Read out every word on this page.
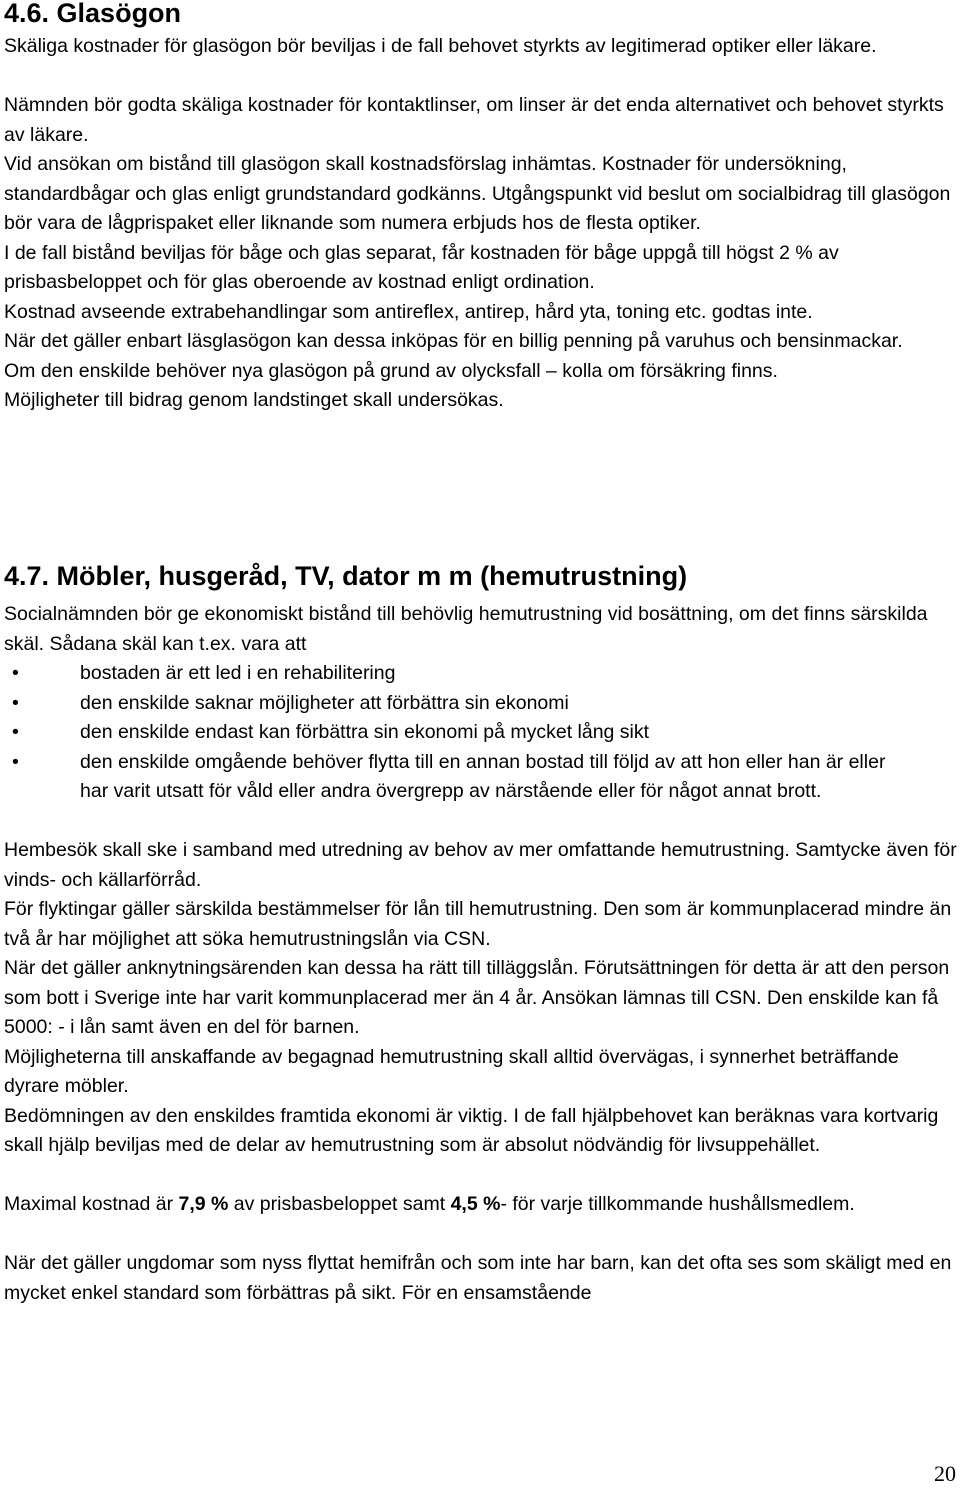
4.6. Glasögon

Skäliga kostnader för glasögon bör beviljas i de fall behovet styrkts av legitimerad optiker eller läkare.

Nämnden bör godta skäliga kostnader för kontaktlinser, om linser är det enda alternativet och behovet styrkts av läkare.

Vid ansökan om bistånd till glasögon skall kostnadsförslag inhämtas. Kostnader för undersökning, standardbågar och glas enligt grundstandard godkänns. Utgångspunkt vid beslut om socialbidrag till glasögon bör vara de lågprispaket eller liknande som numera erbjuds hos de flesta optiker.

I de fall bistånd beviljas för båge och glas separat, får kostnaden för båge uppgå till högst 2 % av prisbasbeloppet och för glas oberoende av kostnad enligt ordination.

Kostnad avseende extrabehandlingar som antireflex, antirep, hård yta, toning etc. godtas inte.

När det gäller enbart läsglasögon kan dessa inköpas för en billig penning på varuhus och bensinmackar.

Om den enskilde behöver nya glasögon på grund av olycksfall – kolla om försäkring finns.

Möjligheter till bidrag genom landstinget skall undersökas.

4.7. Möbler, husgeråd, TV, dator m m (hemutrustning)

Socialnämnden bör ge ekonomiskt bistånd till behövlig hemutrustning vid bosättning, om det finns särskilda skäl. Sådana skäl kan t.ex. vara att

•	bostaden är ett led i en rehabilitering
•	den enskilde saknar möjligheter att förbättra sin ekonomi
•	den enskilde endast kan förbättra sin ekonomi på mycket lång sikt
•	den enskilde omgående behöver flytta till en annan bostad till följd av att hon eller han är eller har varit utsatt för våld eller andra övergrepp av närstående eller för något annat brott.

Hembesök skall ske i samband med utredning av behov av mer omfattande hemutrustning. Samtycke även för vinds- och källarförråd.

För flyktingar gäller särskilda bestämmelser för lån till hemutrustning. Den som är kommunplacerad mindre än två år har möjlighet att söka hemutrustningslån via CSN.

När det gäller anknytningsärenden kan dessa ha rätt till tilläggslån. Förutsättningen för detta är att den person som bott i Sverige inte har varit kommunplacerad mer än 4 år. Ansökan lämnas till CSN. Den enskilde kan få 5000: - i lån samt även en del för barnen.

Möjligheterna till anskaffande av begagnad hemutrustning skall alltid övervägas, i synnerhet beträffande dyrare möbler.

Bedömningen av den enskildes framtida ekonomi är viktig. I de fall hjälpbehovet kan beräknas vara kortvarig skall hjälp beviljas med de delar av hemutrustning som är absolut nödvändig för livsuppehället.

Maximal kostnad är 7,9 % av prisbasbeloppet samt 4,5 %- för varje tillkommande hushållsmedlem.

När det gäller ungdomar som nyss flyttat hemifrån och som inte har barn, kan det ofta ses som skäligt med en mycket enkel standard som förbättras på sikt. För en ensamstående

20
